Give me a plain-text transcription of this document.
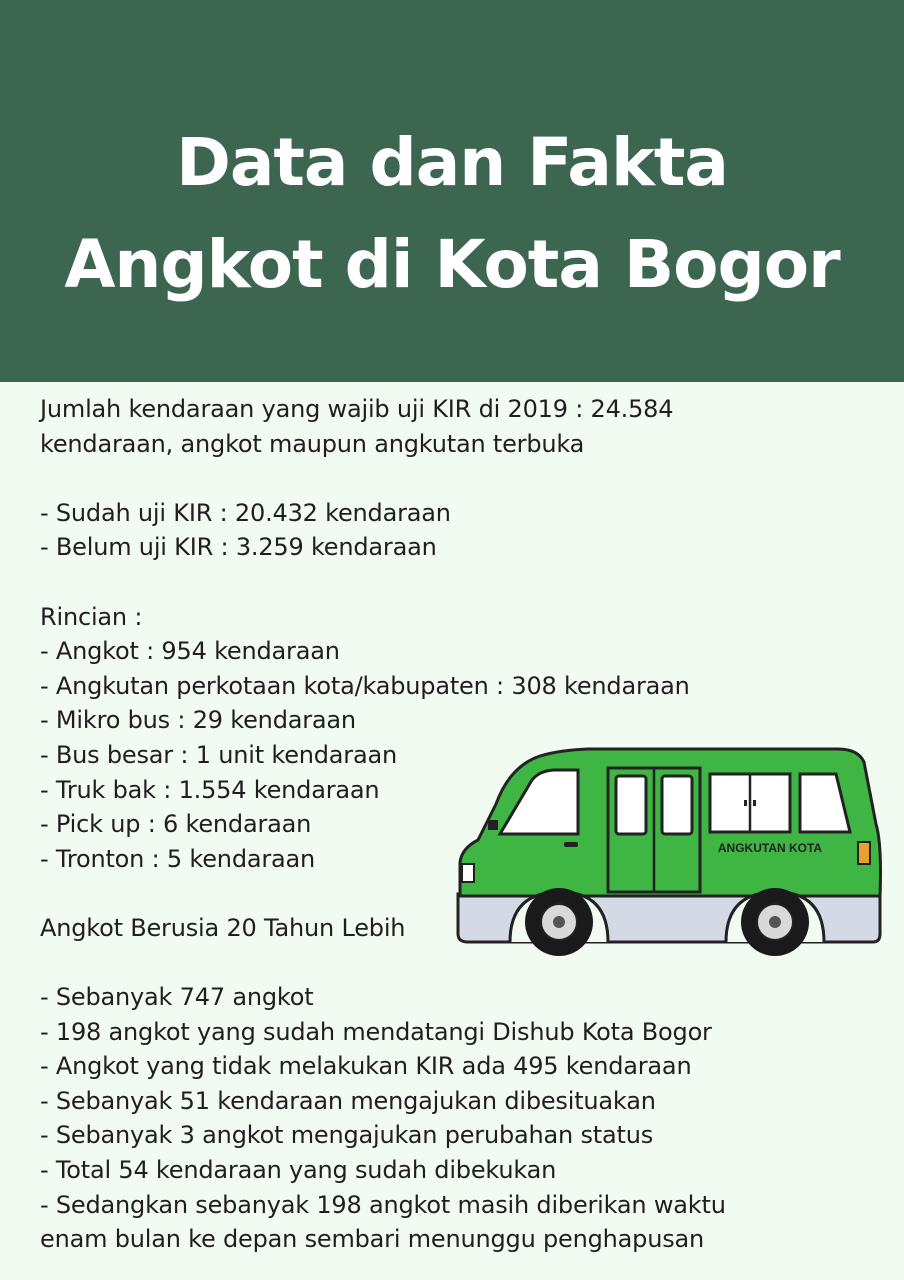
Data dan Fakta
Angkot di Kota Bogor
Jumlah kendaraan yang wajib uji KIR di 2019 : 24.584
kendaraan, angkot maupun angkutan terbuka
- Sudah uji KIR : 20.432 kendaraan
- Belum uji KIR : 3.259 kendaraan
Rincian :
- Angkot : 954 kendaraan
- Angkutan perkotaan kota/kabupaten : 308 kendaraan
- Mikro bus : 29 kendaraan
- Bus besar : 1 unit kendaraan
- Truk bak : 1.554 kendaraan
- Pick up : 6 kendaraan
- Tronton : 5 kendaraan
Angkot Berusia 20 Tahun Lebih
- Sebanyak 747 angkot
- 198 angkot yang sudah mendatangi Dishub Kota Bogor
- Angkot yang tidak melakukan KIR ada 495 kendaraan
- Sebanyak 51 kendaraan mengajukan dibesituakan
- Sebanyak 3 angkot mengajukan perubahan status
- Total 54 kendaraan yang sudah dibekukan
- Sedangkan sebanyak 198 angkot masih diberikan waktu
enam bulan ke depan sembari menunggu penghapusan
ANGKUTAN KOTA
